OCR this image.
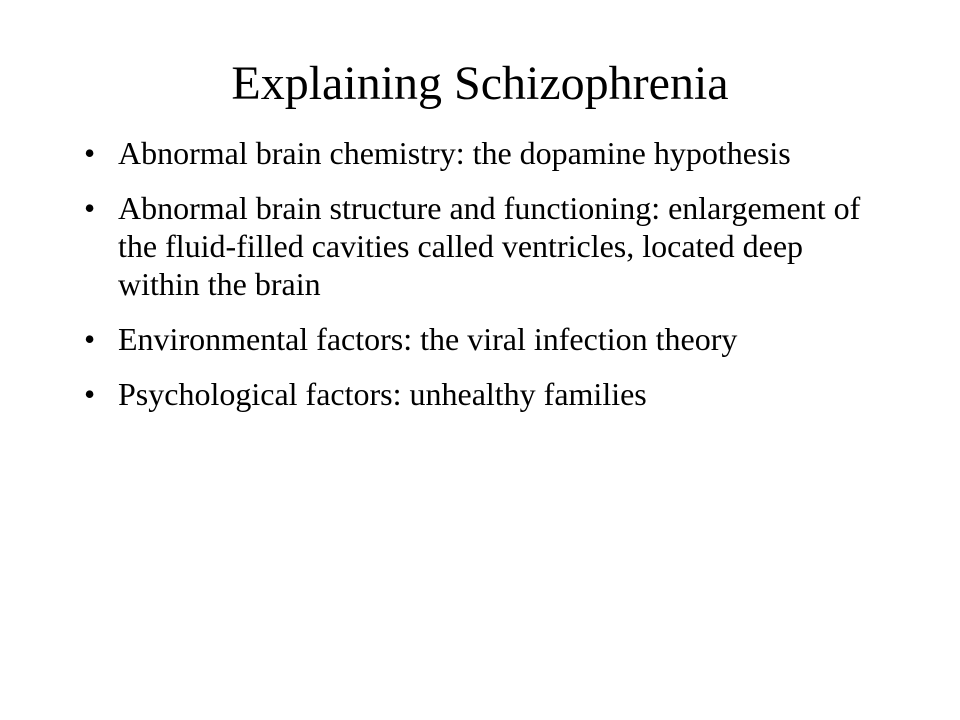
Explaining Schizophrenia
• Abnormal brain chemistry: the dopamine hypothesis
• Abnormal brain structure and functioning: enlargement of the fluid-filled cavities called ventricles, located deep within the brain
• Environmental factors: the viral infection theory
• Psychological factors: unhealthy families
